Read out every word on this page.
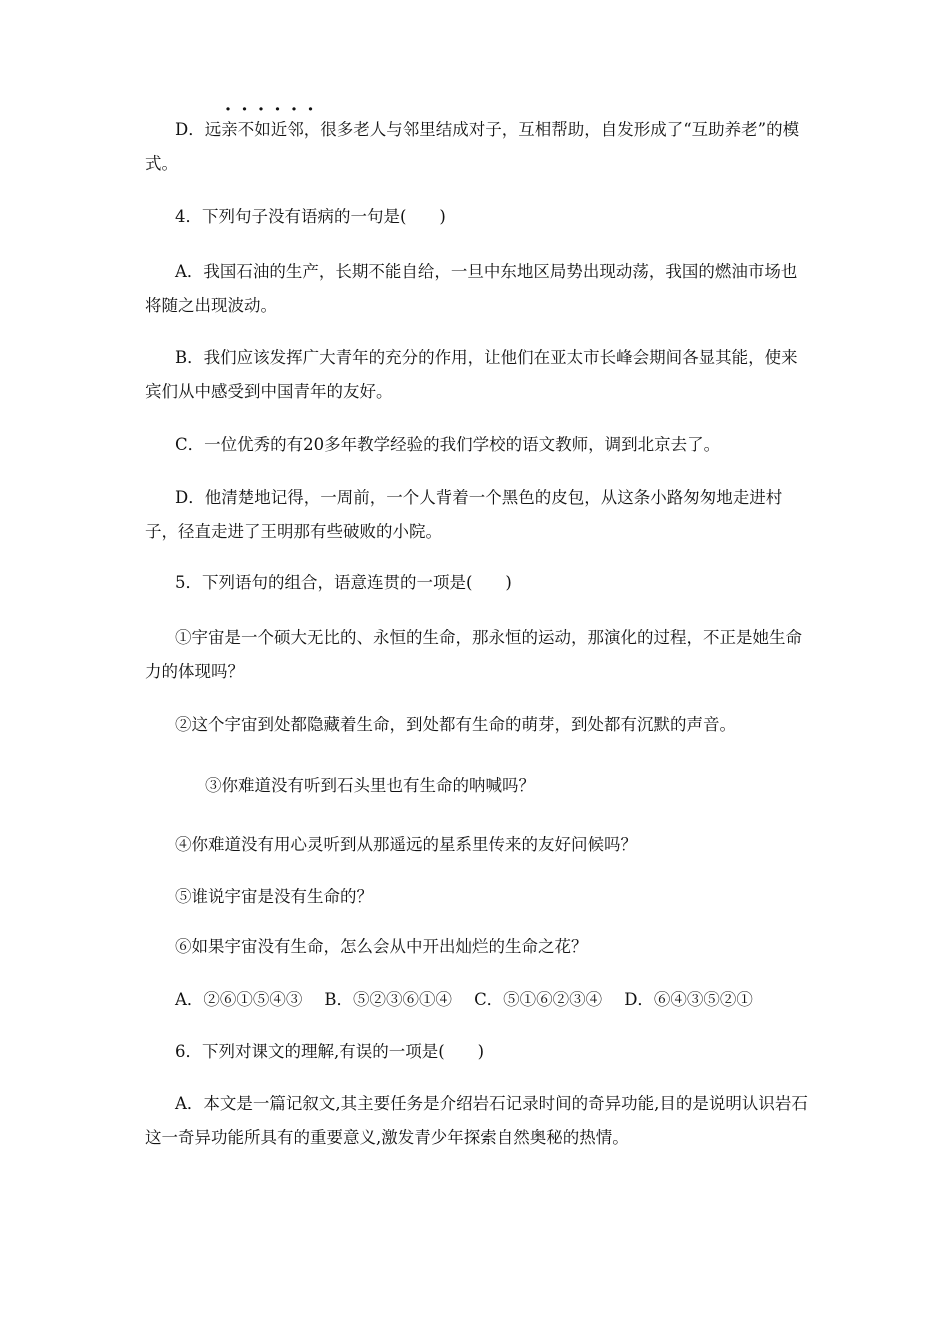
D．远亲不如近邻，很多老人与邻里结成对子，互相帮助，自发形成了“互助养老”的模式。

4．下列句子没有语病的一句是(　　)

A．我国石油的生产，长期不能自给，一旦中东地区局势出现动荡，我国的燃油市场也将随之出现波动。

B．我们应该发挥广大青年的充分的作用，让他们在亚太市长峰会期间各显其能，使来宾们从中感受到中国青年的友好。

C．一位优秀的有20多年教学经验的我们学校的语文教师，调到北京去了。

D．他清楚地记得，一周前，一个人背着一个黑色的皮包，从这条小路匆匆地走进村子，径直走进了王明那有些破败的小院。

5．下列语句的组合，语意连贯的一项是(　　)

①宇宙是一个硕大无比的、永恒的生命，那永恒的运动，那演化的过程，不正是她生命力的体现吗？

②这个宇宙到处都隐藏着生命，到处都有生命的萌芽，到处都有沉默的声音。

③你难道没有听到石头里也有生命的呐喊吗？

④你难道没有用心灵听到从那遥远的星系里传来的友好问候吗？

⑤谁说宇宙是没有生命的？

⑥如果宇宙没有生命，怎么会从中开出灿烂的生命之花？

A．②⑥①⑤④③ B．⑤②③⑥①④ C．⑤①⑥②③④ D．⑥④③⑤②①

6．下列对课文的理解,有误的一项是(　　)

A．本文是一篇记叙文,其主要任务是介绍岩石记录时间的奇异功能,目的是说明认识岩石这一奇异功能所具有的重要意义,激发青少年探索自然奥秘的热情。
